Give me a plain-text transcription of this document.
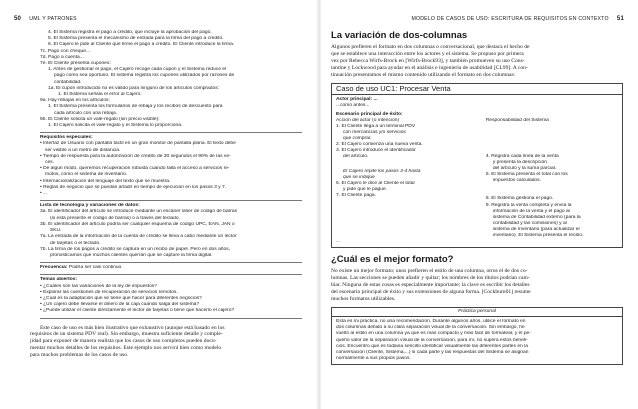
50 UML Y PATRONES
4. El Sistema registra el pago a crédito, que incluye la aprobación del pago.
5. El Sistema presenta el mecanismo de entrada para la firma del pago a crédito.
6. El Cajero le pide al Cliente que firme el pago a crédito. El Cliente introduce la firma.
7c. Pago con cheque...
7d. Pago a cuenta...
7e. El Cliente presenta cupones:
1. Antes de gestionar el pago, el Cajero recoge cada cupón y el Sistema reduce el
pago como sea oportuno. El sistema registra los cupones utilizados por razones de
contabilidad.
1a. El cupón introducido no es válido para ninguno de los artículos comprados:
1. El Sistema señala el error al Cajero.
9a. Hay rebajas en los artículos:
1. El Sistema presenta los formularios de rebaja y los recibos de descuento para
cada artículo con una rebaja.
9b. El Cliente solicita un vale-regalo (sin precio visible):
1. El Cajero solicita el vale-regalo y el Sistema lo proporciona.
Requisitos especiales:
• Interfaz de Usuario con pantalla táctil en un gran monitor de pantalla plana. El texto debe
ser visible a un metro de distancia.
• Tiempo de respuesta para la autorización de crédito de 30 segundos el 90% de las ve-
ces.
• De algún modo, queremos recuperación robusta cuando falla el acceso a servicios re-
motos, como el sistema de inventario.
• Internacionalización del lenguaje del texto que se muestra.
• Reglas de negocio que se puedan añadir en tiempo de ejecución en los pasos 3 y 7.
• ...
Lista de tecnología y variaciones de datos:
3a. El identificador del artículo se introduce mediante un escáner láser de código de barras
(si está presente el código de barras) o a través del teclado.
3b. El identificador del artículo podría ser cualquier esquema de código UPC, EAN, JAN o
SKU.
7a. La entrada de la información de la cuenta de crédito se lleva a cabo mediante un lector
de tarjetas o el teclado.
7b. La firma de los pagos a crédito se captura en un recibo de papel. Pero en dos años,
pronosticamos que muchos clientes querrán que se capture la firma digital.
Frecuencia: Podría ser casi continuo.
Temas abiertos:
• ¿Cuáles son las variaciones de la ley de impuestos?
• Explorar las cuestiones de recuperación de servicios remotos.
• ¿Cuál es la adaptación que se tiene que hacer para diferentes negocios?
• ¿Un cajero debe llevarse el dinero de la caja cuando salga del sistema?
• ¿Puede utilizar el cliente directamente el lector de tarjetas o tiene que hacerlo el cajero?
Este caso de uso es más bien ilustrativo que exhaustivo (aunque está basado en los
requisitos de un sistema PDV real). Sin embargo, muestra suficiente detalle y comple-
jidad para exponer de manera realista que los casos de uso completos pueden docu-
mentar muchos detalles de los requisitos. Este ejemplo nos servirá bien como modelo
para muchos problemas de los casos de uso.
MODELO DE CASOS DE USO: ESCRITURA DE REQUISITOS EN CONTEXTO 51
La variación de dos-columnas
Algunos prefieren el formato en dos columnas o conversacional, que destaca el hecho de
que se establece una interacción entre los actores y el sistema. Se propuso por primera
vez por Rebecca Wirfs-Brock en [Wirfs-Brock93], y también promueven su uso Cons-
tantine y Lockwood para ayudar en el análisis e ingeniería de usabilidad [CL99]. A con-
tinuación presentamos el mismo contenido utilizando el formato en dos columnas:
Caso de uso UC1: Procesar Venta
Actor principal: ...
...como antes...
Escenario principal de éxito:
Acción del actor (o intención)
1. El Cliente llega a un terminal PDV
con mercancías y/o servicios
que comprar.
2. El Cajero comienza una nueva venta.
3. El Cajero introduce el identificador
del artículo.
El Cajero repite los pasos 3-4 hasta
que se indique
6. El Cajero le dice al Cliente el total
y pide que le pague.
7. El Cliente paga.
Responsabilidad del Sistema
4. Registra cada línea de la venta
y presenta la descripción
del artículo y la suma parcial.
5. El Sistema presenta el total con los
impuestos calculados.
8. El Sistema gestiona el pago.
9. Registra la venta completa y envía la
información de la venta y el pago al
sistema de Contabilidad externo (para la
contabilidad y las comisiones) y al
sistema de Inventario (para actualizar el
inventario). El Sistema presenta el recibo.
...
¿Cuál es el mejor formato?
No existe un mejor formato; unos prefieren el estilo de una columna, otros el de dos co-
lumnas. Las secciones se pueden añadir y quitar; los nombres de los títulos podrían cam-
biar. Ninguna de estas cosas es especialmente importante; la clave es escribir los detalles
del escenario principal de éxito y sus extensiones de alguna forma. [Cockburn01] resume
muchos formatos utilizables.
Práctica personal
Ésta es mi práctica, no una recomendación. Durante algunos años, utilicé el formato en
dos columnas debido a su clara separación visual de la conversación. Sin embargo, he
vuelto al estilo en una columna ya que es más compacto y más fácil de formatear, y el pe-
queño valor de la separación visual de la conversación, para mí, no supera estos benefi-
cios. Encuentro que es todavía sencillo identificar visualmente las diferentes partes en la
conversación (Cliente, Sistema,...) si cada parte y las respuestas del Sistema se asignan
normalmente a sus propios pasos.
